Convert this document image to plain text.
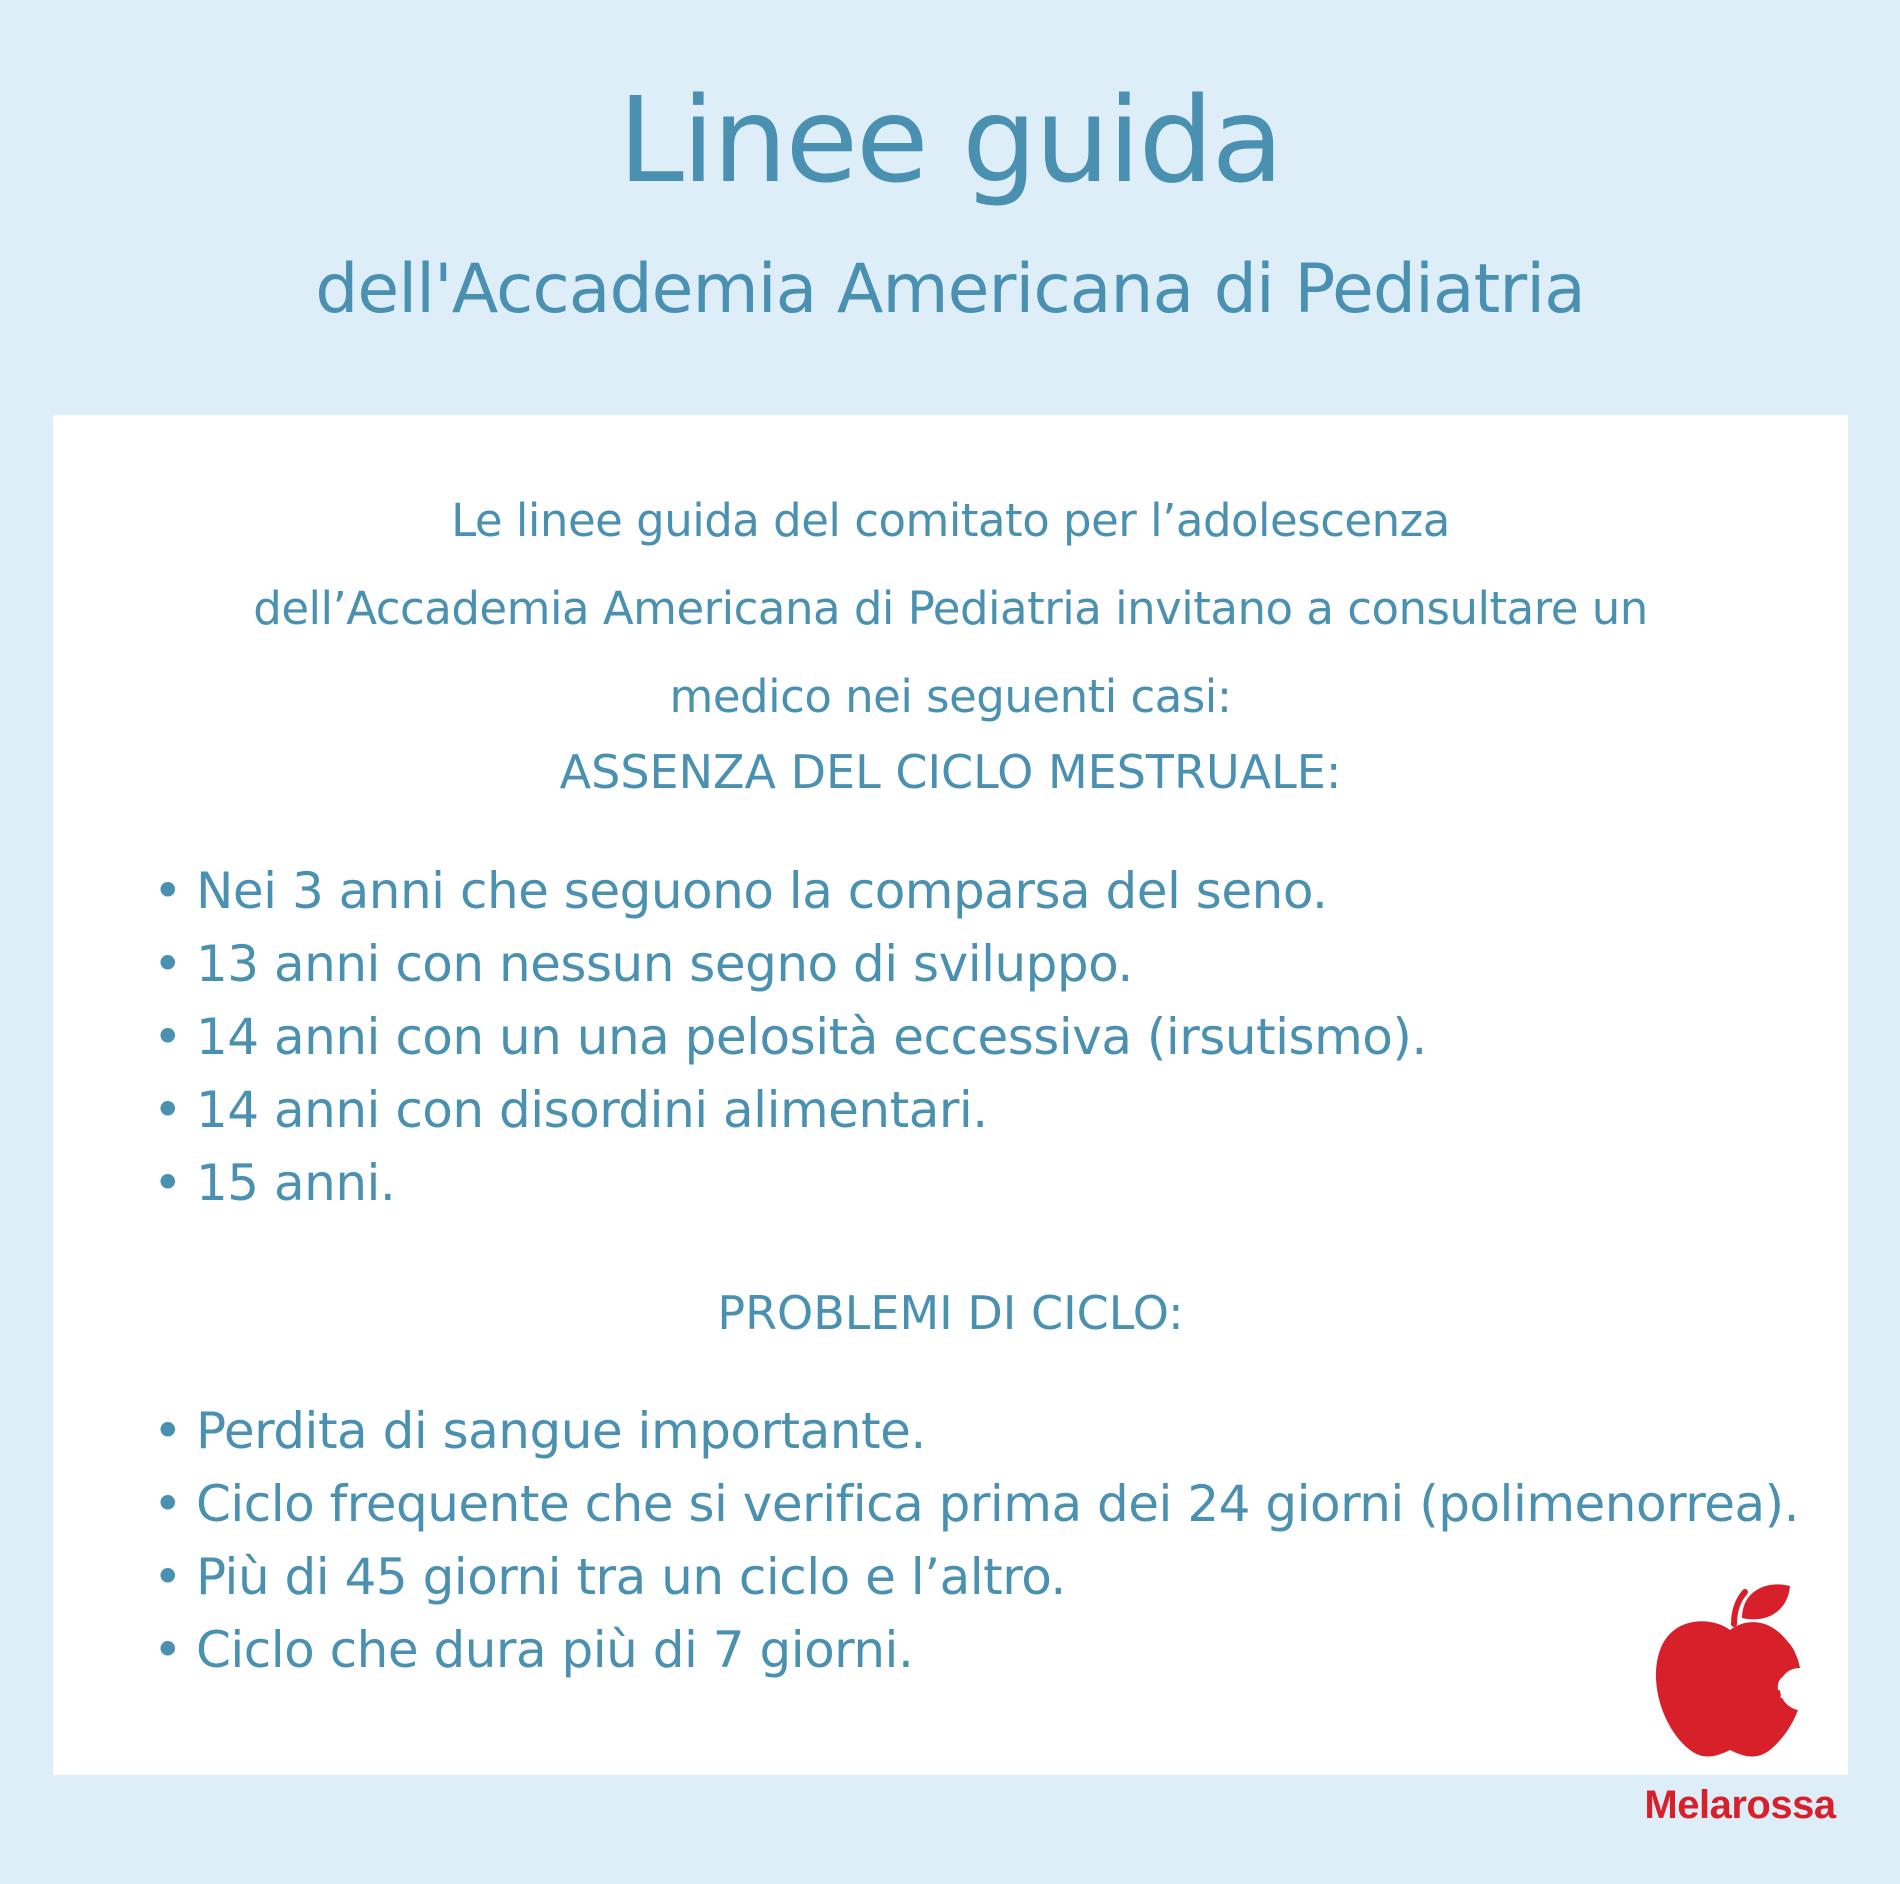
Linee guida
dell'Accademia Americana di Pediatria
Le linee guida del comitato per l’adolescenza
dell’Accademia Americana di Pediatria invitano a consultare un
medico nei seguenti casi:
ASSENZA DEL CICLO MESTRUALE:
• Nei 3 anni che seguono la comparsa del seno.
• 13 anni con nessun segno di sviluppo.
• 14 anni con un una pelosità eccessiva (irsutismo).
• 14 anni con disordini alimentari.
• 15 anni.
PROBLEMI DI CICLO:
• Perdita di sangue importante.
• Ciclo frequente che si verifica prima dei 24 giorni (polimenorrea).
• Più di 45 giorni tra un ciclo e l’altro.
• Ciclo che dura più di 7 giorni.
Melarossa
